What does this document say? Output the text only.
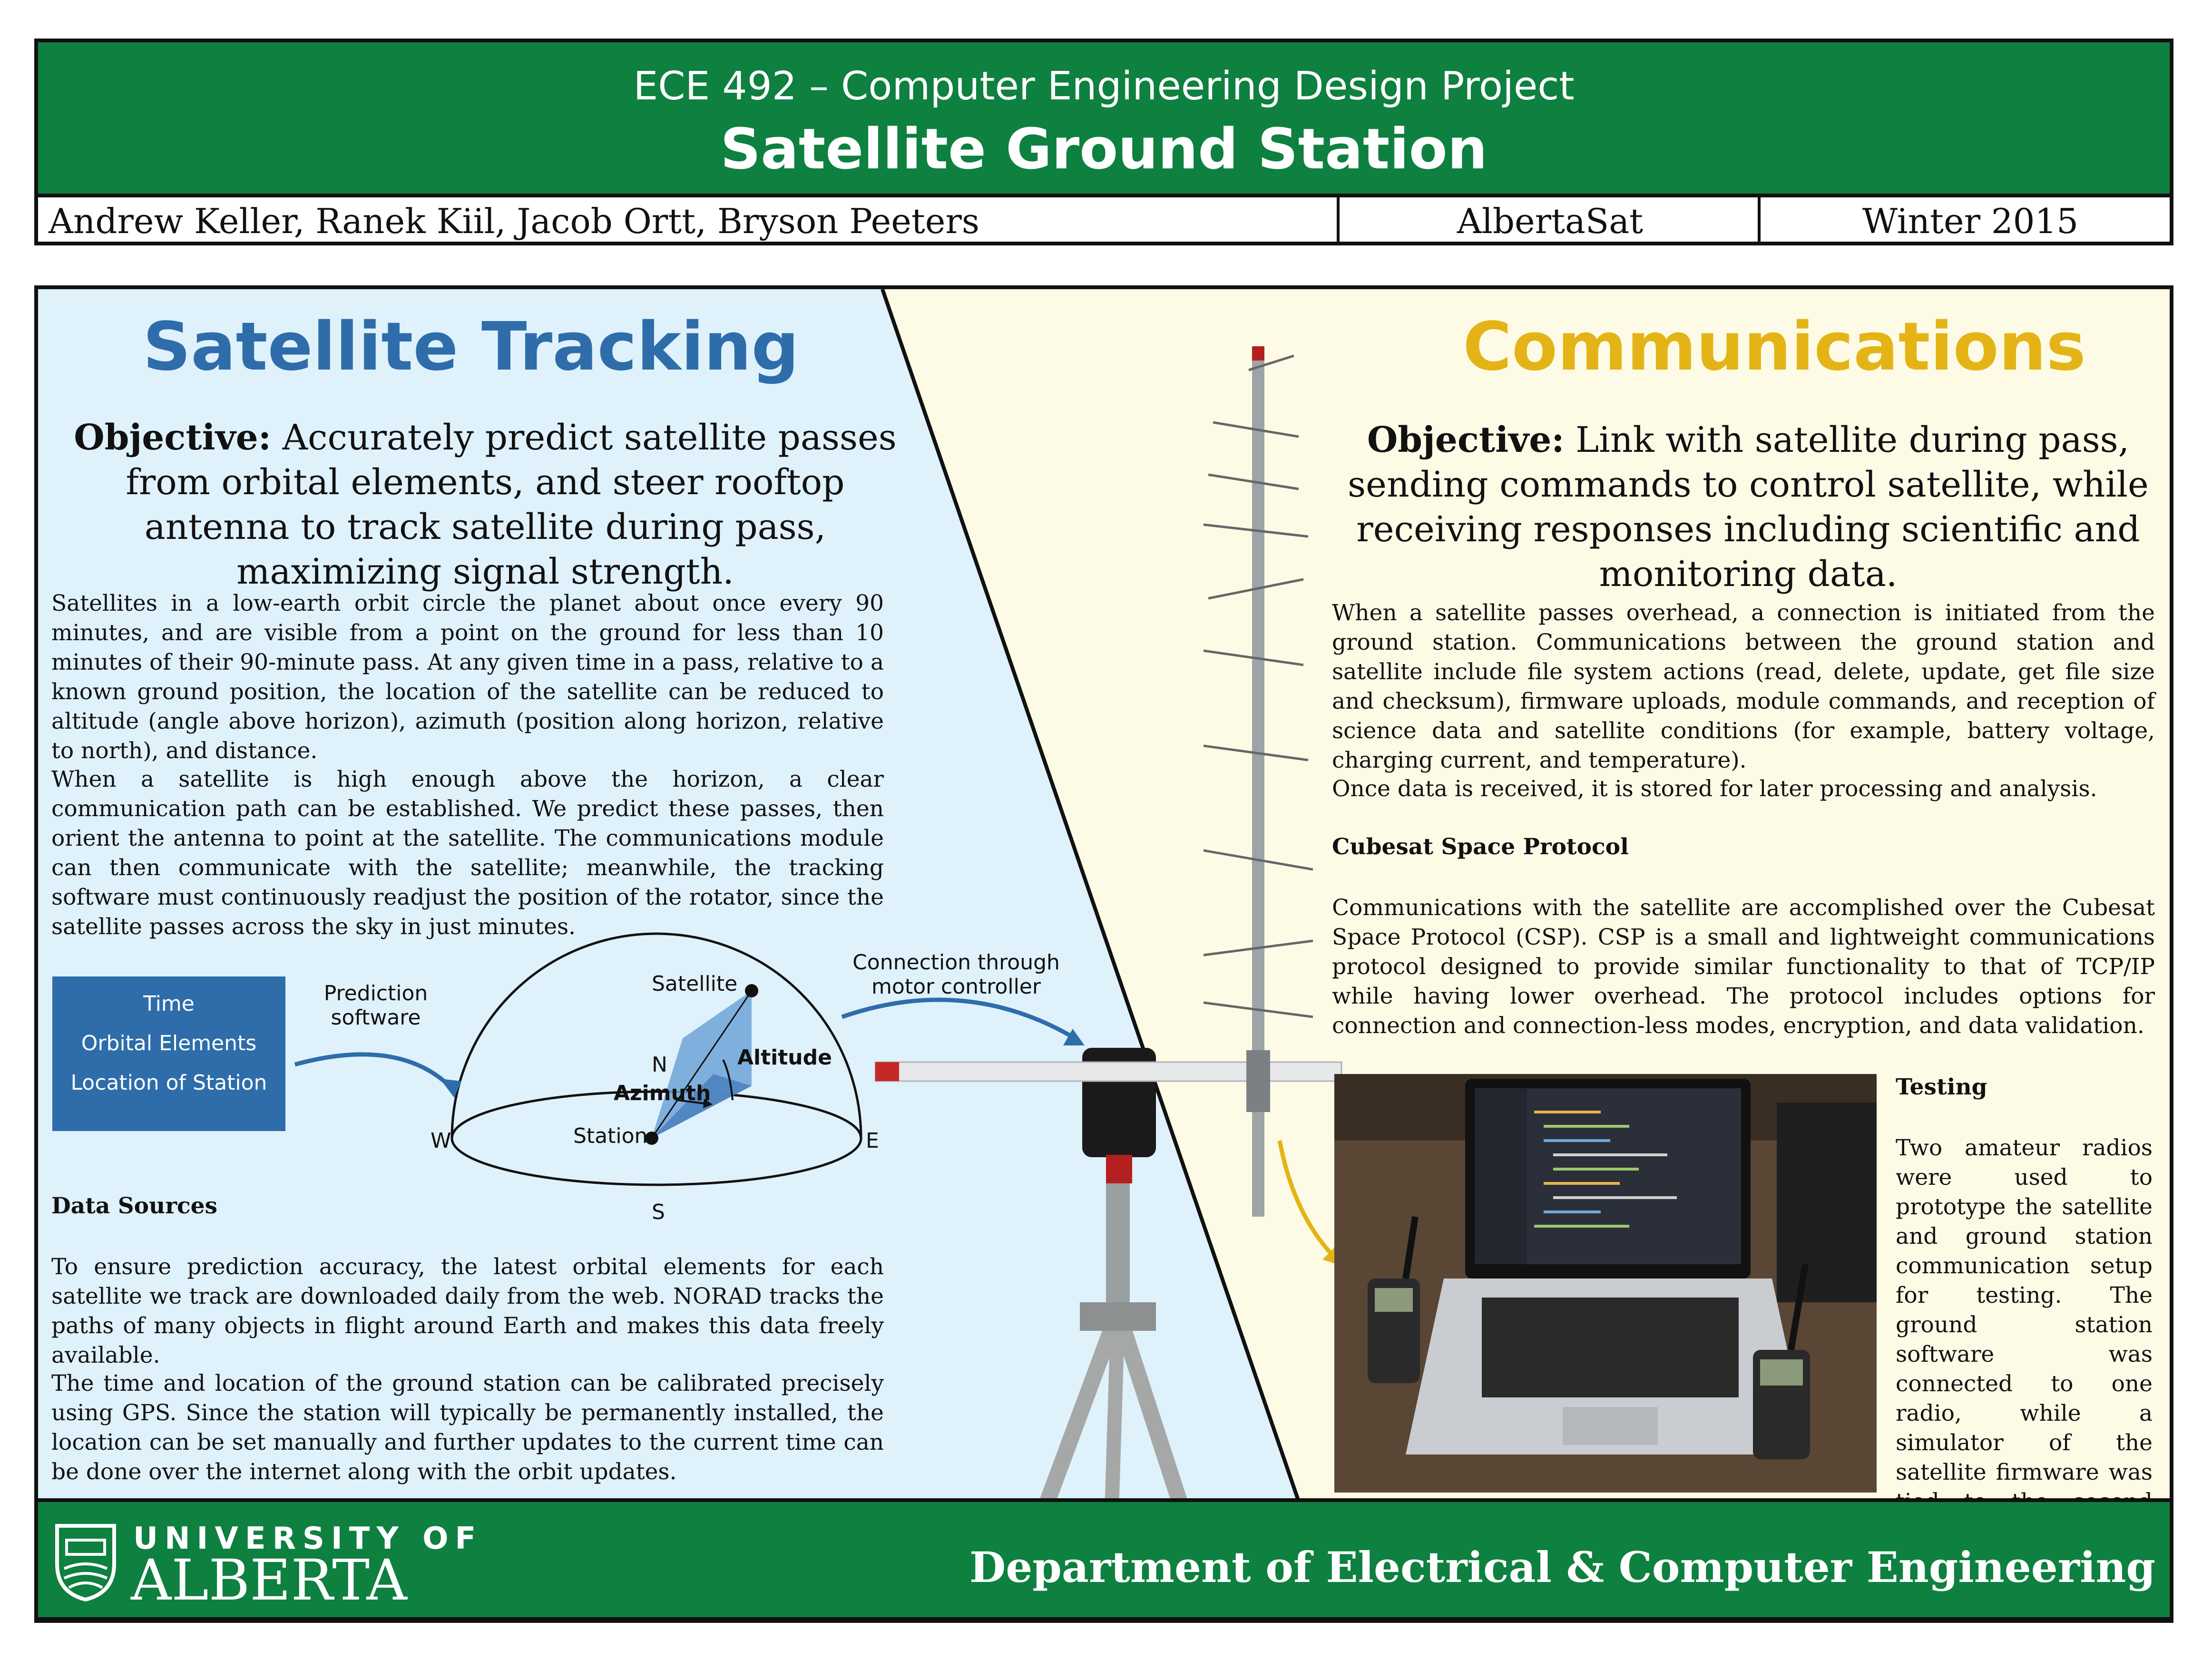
ECE 492 – Computer Engineering Design Project
Satellite Ground Station
Andrew Keller, Ranek Kiil, Jacob Ortt, Bryson Peeters	AlbertaSat	Winter 2015
Satellite Tracking
Objective: Accurately predict satellite passes from orbital elements, and steer rooftop antenna to track satellite during pass, maximizing signal strength.
Satellites in a low-earth orbit circle the planet about once every 90 minutes, and are visible from a point on the ground for less than 10 minutes of their 90-minute pass. At any given time in a pass, relative to a known ground position, the location of the satellite can be reduced to altitude (angle above horizon), azimuth (position along horizon, relative to north), and distance.
When a satellite is high enough above the horizon, a clear communication path can be established. We predict these passes, then orient the antenna to point at the satellite. The communications module can then communicate with the satellite; meanwhile, the tracking software must continuously readjust the position of the rotator, since the satellite passes across the sky in just minutes.
Time
Orbital Elements
Location of Station
Prediction
software
Connection through
motor controller
Satellite
Altitude
Azimuth
Station
N
S
E
W
Data Sources
To ensure prediction accuracy, the latest orbital elements for each satellite we track are downloaded daily from the web. NORAD tracks the paths of many objects in flight around Earth and makes this data freely available.
The time and location of the ground station can be calibrated precisely using GPS. Since the station will typically be permanently installed, the location can be set manually and further updates to the current time can be done over the internet along with the orbit updates.
Communications
Objective: Link with satellite during pass, sending commands to control satellite, while receiving responses including scientific and monitoring data.
When a satellite passes overhead, a connection is initiated from the ground station. Communications between the ground station and satellite include file system actions (read, delete, update, get file size and checksum), firmware uploads, module commands, and reception of science data and satellite conditions (for example, battery voltage, charging current, and temperature).
Once data is received, it is stored for later processing and analysis.
Cubesat Space Protocol
Communications with the satellite are accomplished over the Cubesat Space Protocol (CSP). CSP is a small and lightweight communications protocol designed to provide similar functionality to that of TCP/IP while having lower overhead. The protocol includes options for connection and connection-less modes, encryption, and data validation.
Testing
Two amateur radios were used to prototype the satellite and ground station communication setup for testing. The ground station software was connected to one radio, while a simulator of the satellite firmware was
UNIVERSITY OF
ALBERTA	Department of Electrical & Computer Engineering
